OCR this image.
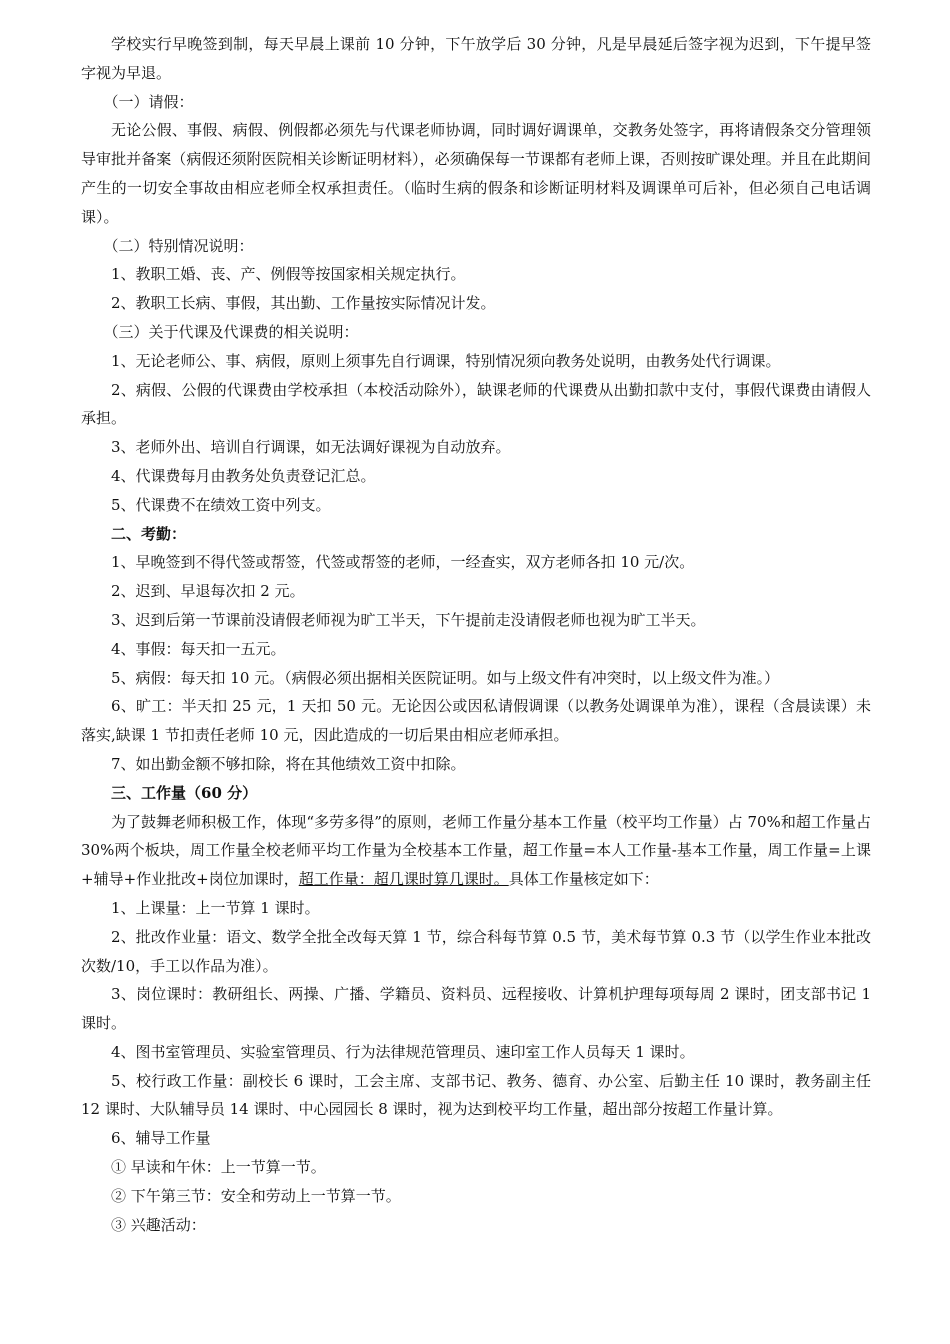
学校实行早晚签到制，每天早晨上课前 10 分钟，下午放学后 30 分钟，凡是早晨延后签字视为迟到，下午提早签字视为早退。

（一）请假：

无论公假、事假、病假、例假都必须先与代课老师协调，同时调好调课单，交教务处签字，再将请假条交分管理领导审批并备案（病假还须附医院相关诊断证明材料），必须确保每一节课都有老师上课，否则按旷课处理。并且在此期间产生的一切安全事故由相应老师全权承担责任。（临时生病的假条和诊断证明材料及调课单可后补，但必须自己电话调课）。

（二）特别情况说明：

1、教职工婚、丧、产、例假等按国家相关规定执行。

2、教职工长病、事假，其出勤、工作量按实际情况计发。

（三）关于代课及代课费的相关说明：

1、无论老师公、事、病假，原则上须事先自行调课，特别情况须向教务处说明，由教务处代行调课。

2、病假、公假的代课费由学校承担（本校活动除外），缺课老师的代课费从出勤扣款中支付，事假代课费由请假人承担。

3、老师外出、培训自行调课，如无法调好课视为自动放弃。

4、代课费每月由教务处负责登记汇总。

5、代课费不在绩效工资中列支。

二、考勤：

1、早晚签到不得代签或帮签，代签或帮签的老师，一经查实，双方老师各扣 10 元/次。

2、迟到、早退每次扣 2 元。

3、迟到后第一节课前没请假老师视为旷工半天，下午提前走没请假老师也视为旷工半天。

4、事假：每天扣一五元。

5、病假：每天扣 10 元。（病假必须出据相关医院证明。如与上级文件有冲突时，以上级文件为准。）

6、旷工：半天扣 25 元，1 天扣 50 元。无论因公或因私请假调课（以教务处调课单为准），课程（含晨读课）未落实,缺课 1 节扣责任老师 10 元，因此造成的一切后果由相应老师承担。

7、如出勤金额不够扣除，将在其他绩效工资中扣除。

三、工作量（60 分）

为了鼓舞老师积极工作，体现“多劳多得”的原则，老师工作量分基本工作量（校平均工作量）占 70%和超工作量占 30%两个板块，周工作量全校老师平均工作量为全校基本工作量，超工作量=本人工作量-基本工作量，周工作量=上课+辅导+作业批改+岗位加课时，超工作量：超几课时算几课时。具体工作量核定如下：

1、上课量：上一节算 1 课时。

2、批改作业量：语文、数学全批全改每天算 1 节，综合科每节算 0.5 节，美术每节算 0.3 节（以学生作业本批改次数/10，手工以作品为准）。

3、岗位课时：教研组长、两操、广播、学籍员、资料员、远程接收、计算机护理每项每周 2 课时，团支部书记 1 课时。

4、图书室管理员、实验室管理员、行为法律规范管理员、速印室工作人员每天 1 课时。

5、校行政工作量：副校长 6 课时，工会主席、支部书记、教务、德育、办公室、后勤主任 10 课时，教务副主任 12 课时、大队辅导员 14 课时、中心园园长 8 课时，视为达到校平均工作量，超出部分按超工作量计算。

6、辅导工作量

① 早读和午休：上一节算一节。

② 下午第三节：安全和劳动上一节算一节。

③ 兴趣活动：
